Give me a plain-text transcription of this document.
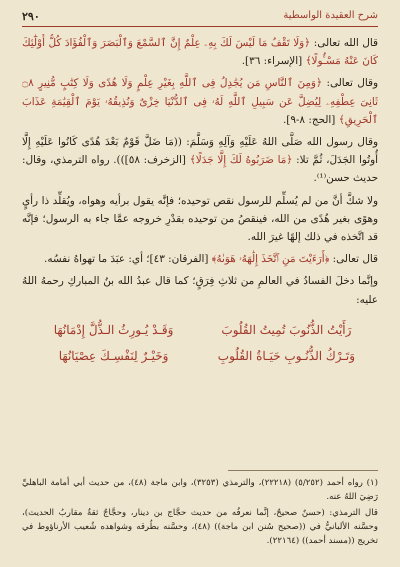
شرح العقيدة الواسطية
٢٩٠

قال الله تعالى: ﴿وَلَا تَقْفُ مَا لَيْسَ لَكَ بِهِۦ عِلْمٌ إِنَّ ٱلسَّمْعَ وَٱلْبَصَرَ وَٱلْفُؤَادَ كُلُّ أُوْلَٰٓئِكَ كَانَ عَنْهُ مَسْـُٔولًا﴾ [الإسراء: ٣٦].

وقال تعالى: ﴿وَمِنَ ٱلنَّاسِ مَن يُجَٰدِلُ فِى ٱللَّهِ بِغَيْرِ عِلْمٍ وَلَا هُدًى وَلَا كِتَٰبٍ مُّنِيرٍ ۝٨ ثَانِىَ عِطْفِهِۦ لِيُضِلَّ عَن سَبِيلِ ٱللَّهِ لَهُۥ فِى ٱلدُّنْيَا خِزْىٌ وَنُذِيقُهُۥ يَوْمَ ٱلْقِيَٰمَةِ عَذَابَ ٱلْحَرِيقِ﴾ [الحج: ٨-٩].

وقال رسول الله صَلَّى اللهُ عَلَيْهِ وَآلِهِ وَسَلَّمَ: ((مَا ضَلَّ قَوْمٌ بَعْدَ هُدًى كَانُوا عَلَيْهِ إِلَّا أُوتُوا الجَدَلَ، ثُمَّ تلا: ﴿مَا ضَرَبُوهُ لَكَ إِلَّا جَدَلًا﴾ [الزخرف: ٥٨])). رواه الترمذي، وقال: حديث حسن⁽¹⁾.

ولا شكَّ أنَّ من لم يُسلِّم للرسول نقص توحيده؛ فإنَّه يقول برأيه وهواه، ويُقلِّد ذا رأيٍ وهوًى بغير هُدًى من الله، فينقصُ من توحيده بقدْرِ خروجه عمَّا جاء به الرسول؛ فإنَّه قد اتَّخذه في ذلك إلهًا غيرَ الله.

قال تعالى: ﴿أَرَءَيْتَ مَنِ ٱتَّخَذَ إِلَٰهَهُۥ هَوَىٰهُ﴾ [الفرقان: ٤٣]؛ أي: عبَدَ ما تهواهُ نفسُه.

وإنَّما دخلَ الفسادُ في العالمِ من ثلاثِ فِرَقٍ؛ كما قال عبدُ الله بنُ المباركِ رحمهُ اللهُ عليه:

رَأَيْتُ الذُّنُوبَ تُمِيتُ القُلُوبَ
وَتَـرْكُ الذُّنُـوبِ حَيَـاةُ القُلُوبِ
وَقَـدْ يُـورِثُ الـذُّلَّ إِدْمَانُهَا
وَخَيْـرٌ لِنَفْسِـكَ عِصْيَانُهَا

(١) رواه أحمد (٥/٢٥٢) (٢٢٢١٨)، والترمذي (٣٢٥٣)، وابن ماجة (٤٨)، من حديث أبي أمامة الباهليِّ رَضِيَ اللهُ عنه.

قال الترمذي: (حسنٌ صحيحٌ، إنَّما نعرفُه من حديث حجَّاج بن دينار، وحجَّاجٌ ثقةٌ مقاربُ الحديث)، وحسَّنه الألبانيُّ في ((صحيح سُنن ابن ماجة)) (٤٨)، وحسَّنه بطُرقه وشواهده شُعيب الأرناؤوط في تخريج ((مسند أحمد)) (٢٢١٦٤).
